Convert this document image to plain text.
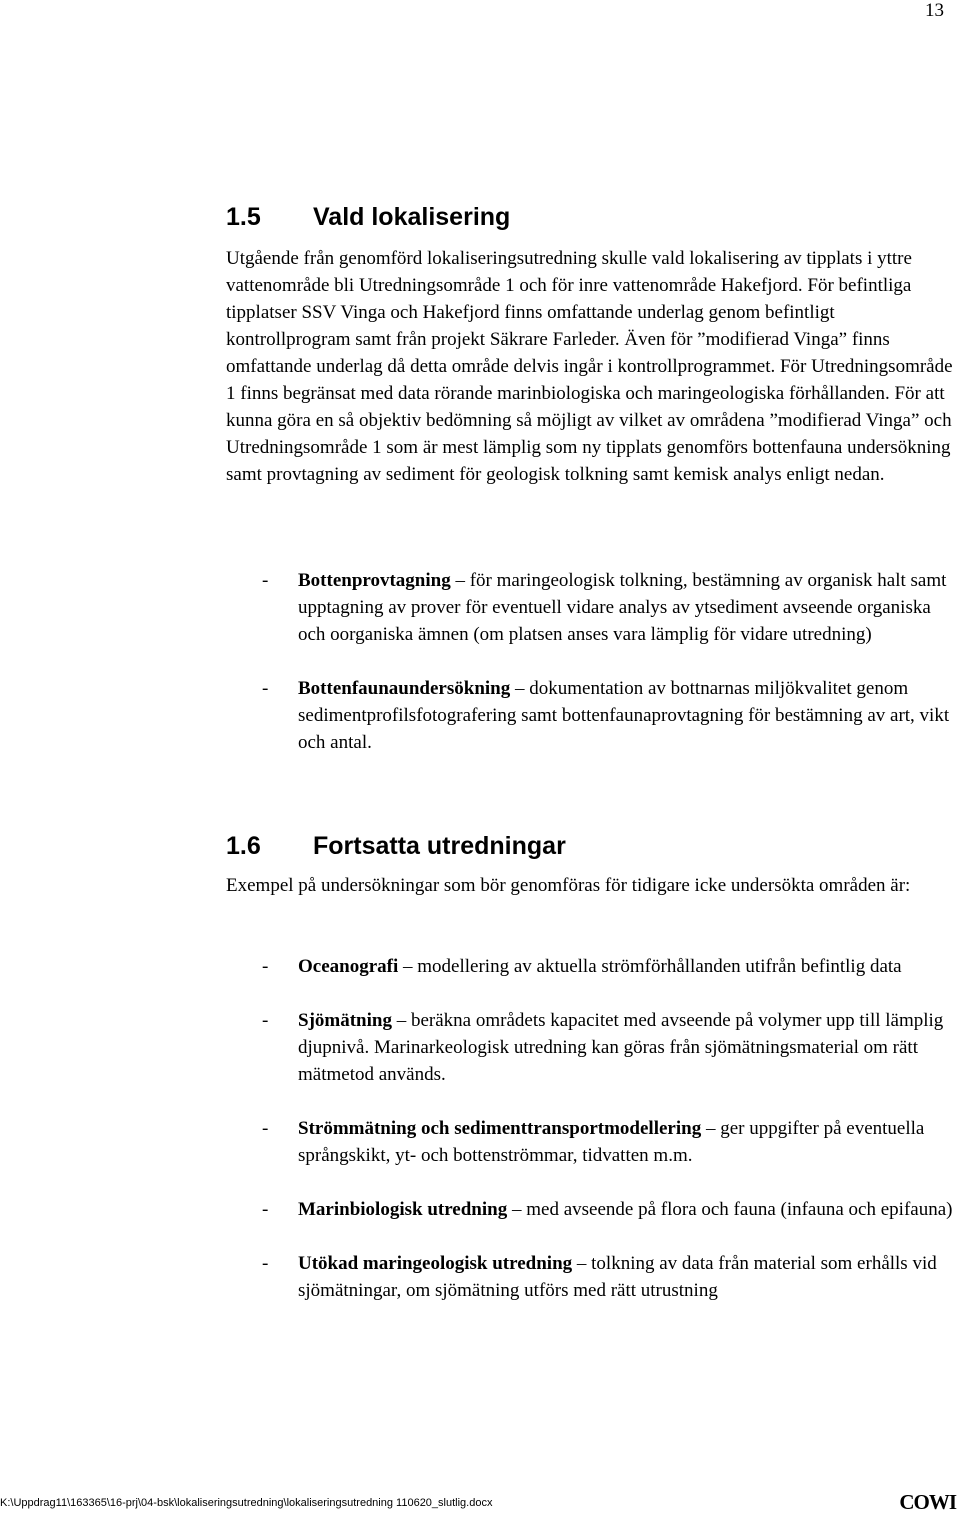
13
1.5 Vald lokalisering

Utgående från genomförd lokaliseringsutredning skulle vald lokalisering av tipplats i yttre vattenområde bli Utredningsområde 1 och för inre vattenområde Hakefjord. För befintliga tipplatser SSV Vinga och Hakefjord finns omfattande underlag genom befintligt kontrollprogram samt från projekt Säkrare Farleder. Även för ”modifierad Vinga” finns omfattande underlag då detta område delvis ingår i kontrollprogrammet. För Utredningsområde 1 finns begränsat med data rörande marinbiologiska och maringeologiska förhållanden. För att kunna göra en så objektiv bedömning så möjligt av vilket av områdena ”modifierad Vinga” och Utredningsområde 1 som är mest lämplig som ny tipplats genomförs bottenfauna undersökning samt provtagning av sediment för geologisk tolkning samt kemisk analys enligt nedan.

- Bottenprovtagning – för maringeologisk tolkning, bestämning av organisk halt samt upptagning av prover för eventuell vidare analys av ytsediment avseende organiska och oorganiska ämnen (om platsen anses vara lämplig för vidare utredning)
- Bottenfaunaundersökning – dokumentation av bottnarnas miljökvalitet genom sedimentprofilsfotografering samt bottenfaunaprovtagning för bestämning av art, vikt och antal.
1.6 Fortsatta utredningar

Exempel på undersökningar som bör genomföras för tidigare icke undersökta områden är:

- Oceanografi – modellering av aktuella strömförhållanden utifrån befintlig data
- Sjömätning – beräkna områdets kapacitet med avseende på volymer upp till lämplig djupnivå. Marinarkeologisk utredning kan göras från sjömätningsmaterial om rätt mätmetod används.
- Strömmätning och sedimenttransportmodellering – ger uppgifter på eventuella språngskikt, yt- och bottenströmmar, tidvatten m.m.
- Marinbiologisk utredning – med avseende på flora och fauna (infauna och epifauna)
- Utökad maringeologisk utredning – tolkning av data från material som erhålls vid sjömätningar, om sjömätning utförs med rätt utrustning
K:\Uppdrag11\163365\16-prj\04-bsk\lokaliseringsutredning\lokaliseringsutredning 110620_slutlig.docx	COWI
